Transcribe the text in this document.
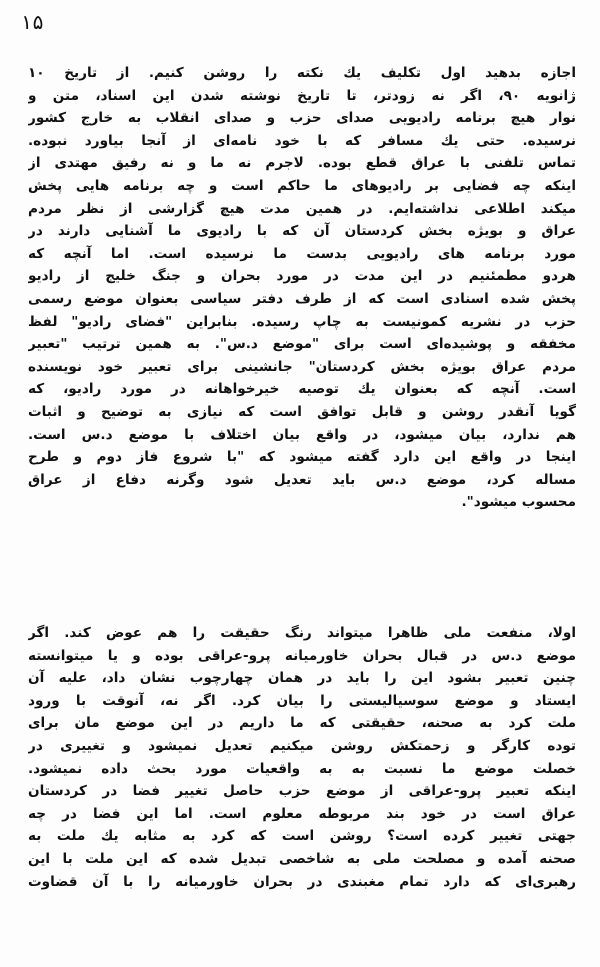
۱۵
اجازه بدهید اول تکلیف یك نکته را روشن کنیم. از تاریخ ۱۰
ژانویه ۹۰، اگر نه زودتر، تا تاریخ نوشته شدن این اسناد، متن و
نوار هیچ برنامه رادیویی صدای حزب و صدای انقلاب به خارج کشور
نرسیده. حتی یك مسافر که با خود نامه‌ای از آنجا بیاورد نبوده.
تماس تلفنی با عراق قطع بوده. لاجرم نه ما و نه رفیق مهتدی از
اینکه چه فضایی بر رادیوهای ما حاکم است و چه برنامه هایی پخش
میکند اطلاعی نداشته‌ایم. در همین مدت هیچ گزارشی از نظر مردم
عراق و بویژه بخش کردستان آن که با رادیوی ما آشنایی دارند در
مورد برنامه های رادیویی بدست ما نرسیده است. اما آنچه که
هردو مطمئنیم در این مدت در مورد بحران و جنگ خلیج از رادیو
پخش شده اسنادی است که از طرف دفتر سیاسی بعنوان موضع رسمی
حزب در نشریه کمونیست به چاپ رسیده. بنابراین "فضای رادیو" لفظ
مخفقه و پوشیده‌ای است برای "موضع د.س". به همین ترتیب "تعبیر
مردم عراق بویژه بخش کردستان" جانشینی برای تعبیر خود نویسنده
است. آنچه که بعنوان یك توصیه خیرخواهانه در مورد رادیو، که
گویا آنقدر روشن و قابل توافق است که نیازی به توضیح و اثبات
هم ندارد، بیان میشود، در واقع بیان اختلاف با موضع د.س است.
اینجا در واقع این دارد گفته میشود که "با شروع فاز دوم و طرح
مساله کرد، موضع د.س باید تعدیل شود وگرنه دفاع از عراق
محسوب میشود".
اولا، منفعت ملی ظاهرا میتواند رنگ حقیقت را هم عوض کند. اگر
موضع د.س در قبال بحران خاورمیانه پرو-عراقی بوده و یا میتوانسته
چنین تعبیر بشود این را باید در همان چهارچوب نشان داد، علیه آن
ایستاد و موضع سوسیالیستی را بیان کرد. اگر نه، آنوقت با ورود
ملت کرد به صحنه، حقیقتی که ما داریم در این موضع مان برای
توده کارگر و زحمتکش روشن میکنیم تعدیل نمیشود و تغییری در
خصلت موضع ما نسبت به به واقعیات مورد بحث داده نمیشود.
اینکه تعبیر پرو-عراقی از موضع حزب حاصل تغییر فضا در کردستان
عراق است در خود بند مربوطه معلوم است. اما این فضا در چه
جهتی تغییر کرده است؟ روشن است که کرد به مثابه یك ملت به
صحنه آمده و مصلحت ملی به شاخصی تبدیل شده که این ملت با این
رهبری‌ای که دارد تمام مغبندی در بحران خاورمیانه را با آن قضاوت
